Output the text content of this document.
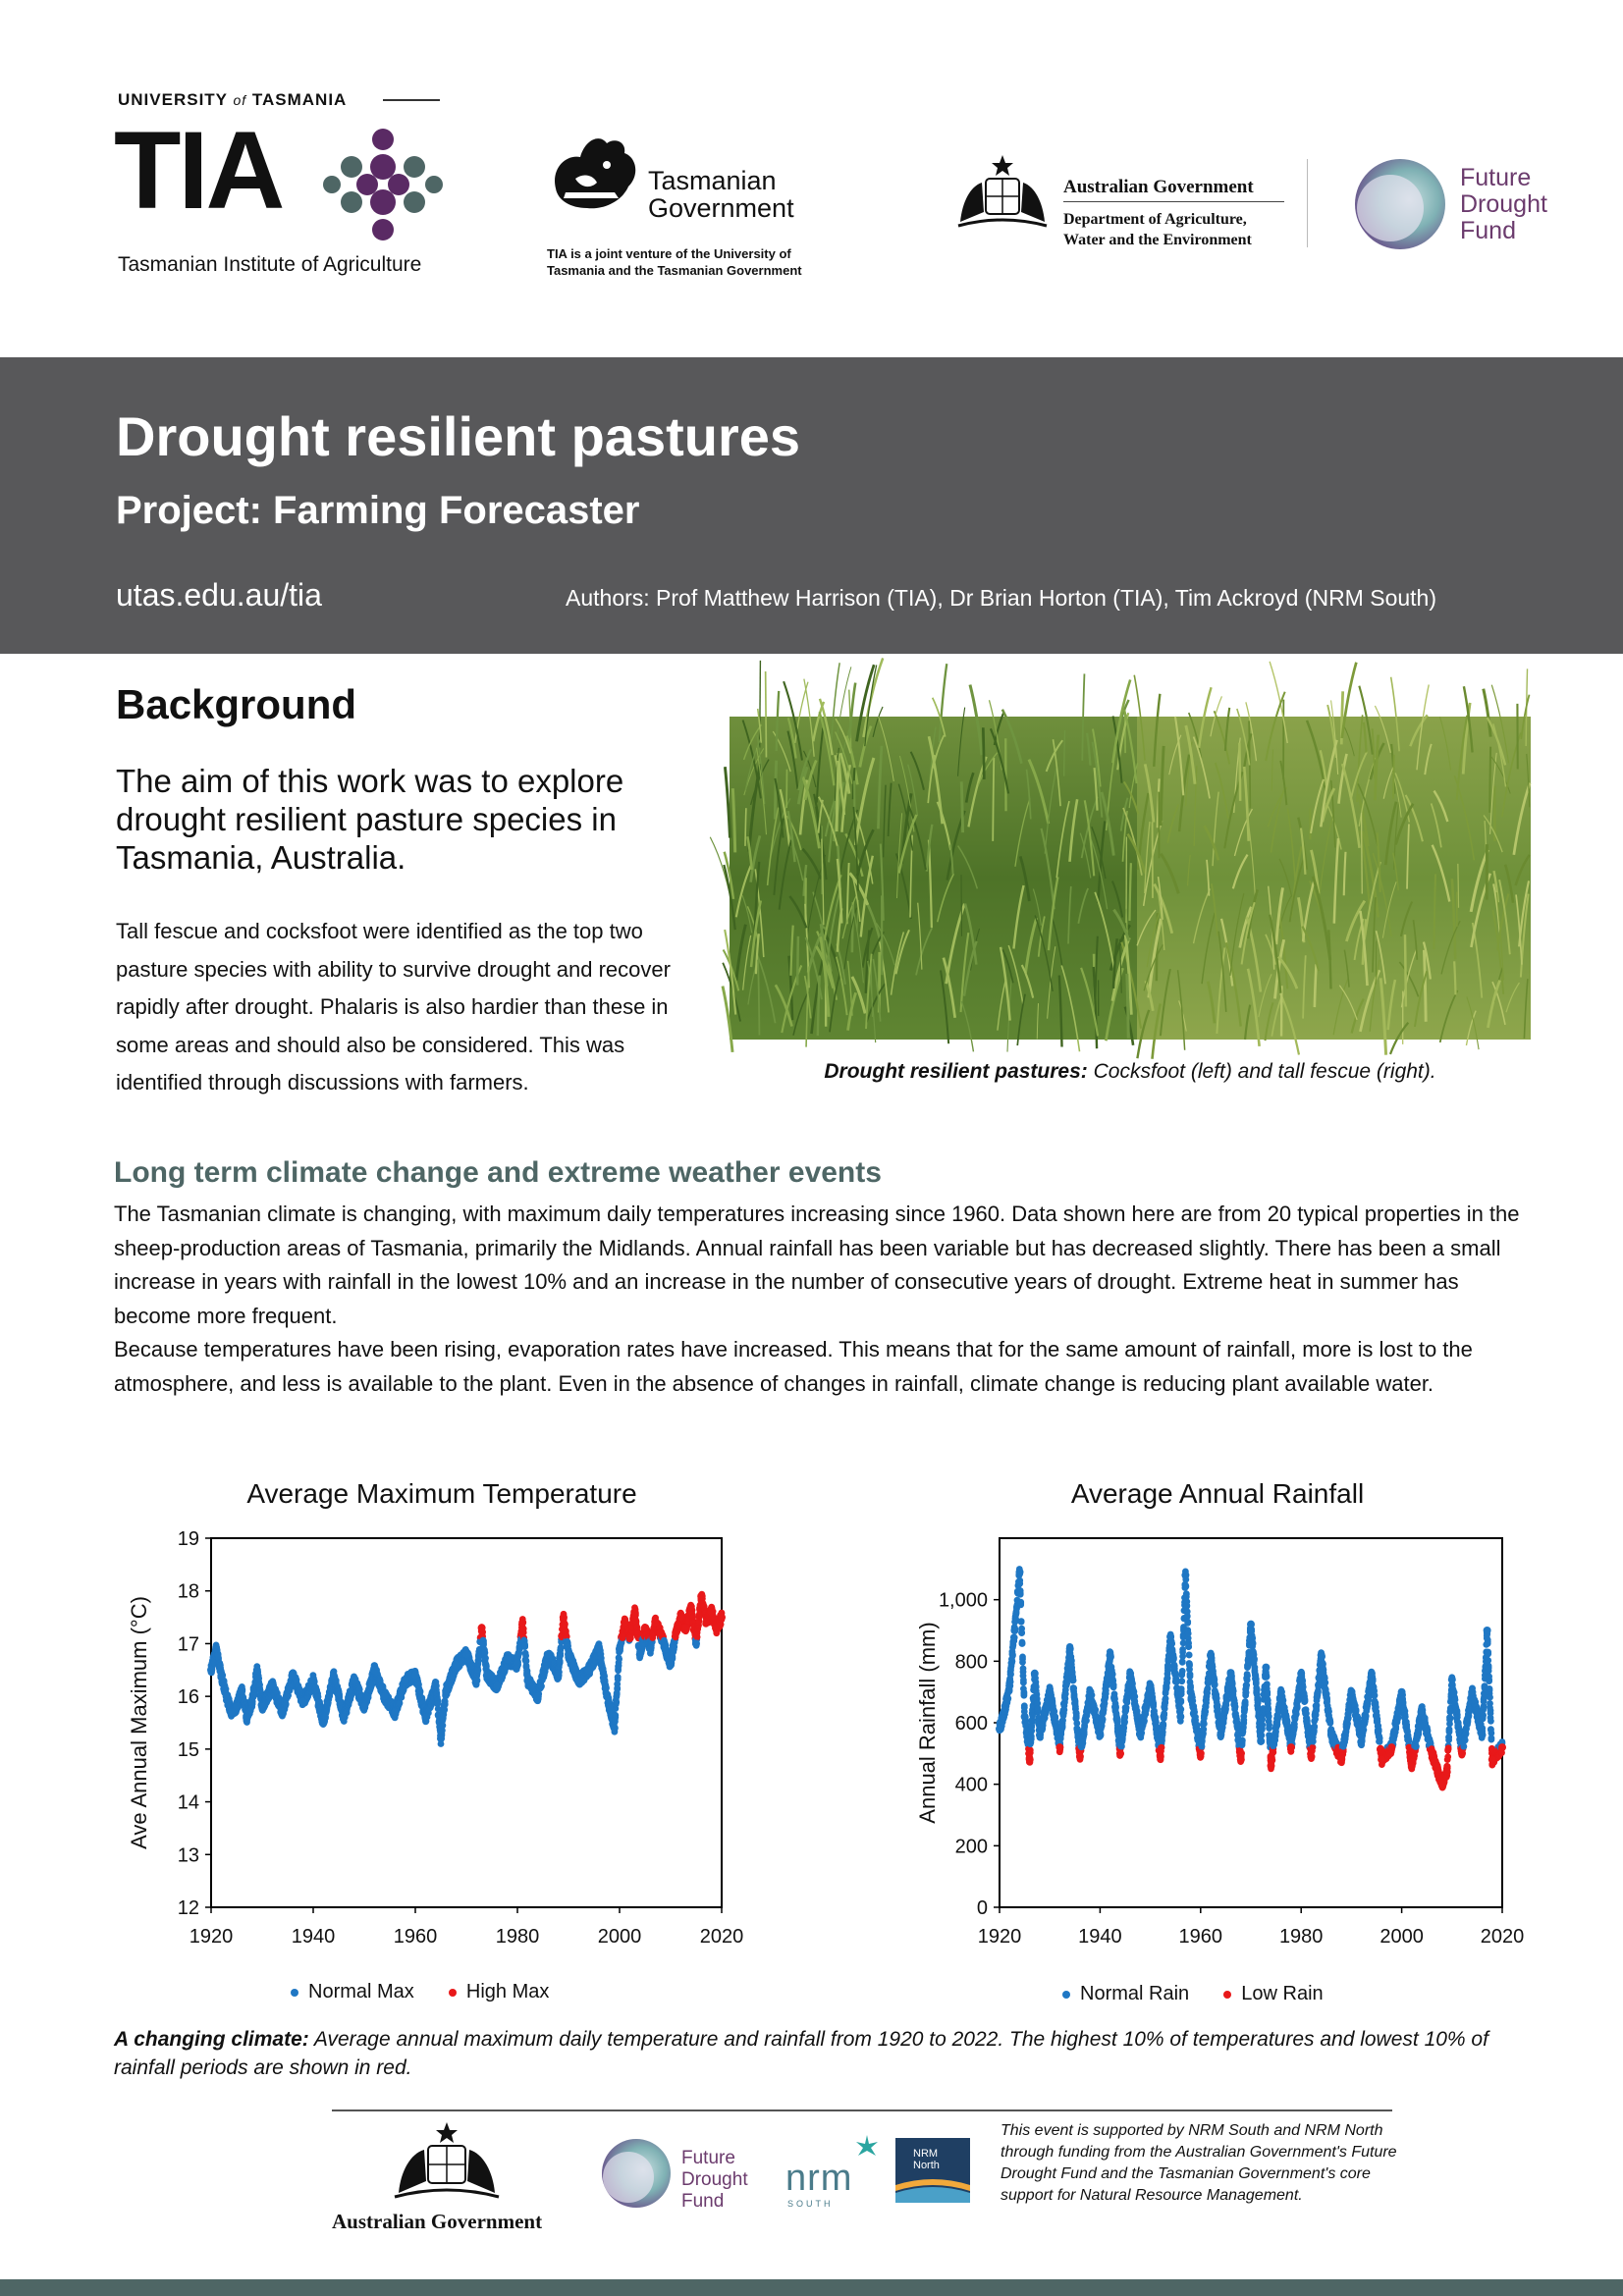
UNIVERSITY of TASMANIA
TIA
Tasmanian Institute of Agriculture
Tasmanian
Government
TIA is a joint venture of the University of
Tasmania and the Tasmanian Government
Australian Government
Department of Agriculture,
Water and the Environment
Future
Drought
Fund
Drought resilient pastures
Project: Farming Forecaster
utas.edu.au/tia	Authors: Prof Matthew Harrison (TIA), Dr Brian Horton (TIA), Tim Ackroyd (NRM South)
Background
The aim of this work was to explore drought resilient pasture species in Tasmania, Australia.
Tall fescue and cocksfoot were identified as the top two pasture species with ability to survive drought and recover rapidly after drought. Phalaris is also hardier than these in some areas and should also be considered. This was identified through discussions with farmers.	Drought resilient pastures: Cocksfoot (left) and tall fescue (right).
Long term climate change and extreme weather events
The Tasmanian climate is changing, with maximum daily temperatures increasing since 1960. Data shown here are from 20 typical properties in the sheep-production areas of Tasmania, primarily the Midlands. Annual rainfall has been variable but has decreased slightly. There has been a small increase in years with rainfall in the lowest 10% and an increase in the number of consecutive years of drought. Extreme heat in summer has become more frequent.
Because temperatures have been rising, evaporation rates have increased. This means that for the same amount of rainfall, more is lost to the atmosphere, and less is available to the plant. Even in the absence of changes in rainfall, climate change is reducing plant available water.
Average Maximum Temperature
12
13
14
15
16
17
18
19
1920	1940	1960	1980	2000	2020
Ave Annual Maximum (°C)
Normal Max	High Max
Average Annual Rainfall
0
200
400
600
800
1,000
1920	1940	1960	1980	2000	2020
Annual Rainfall (mm)
Normal Rain	Low Rain
A changing climate: Average annual maximum daily temperature and rainfall from 1920 to 2022. The highest 10% of temperatures and lowest 10% of rainfall periods are shown in red.
Australian Government
Future
Drought
Fund
nrm
SOUTH
NRM
North
This event is supported by NRM South and NRM North through funding from the Australian Government's Future Drought Fund and the Tasmanian Government's core support for Natural Resource Management.
